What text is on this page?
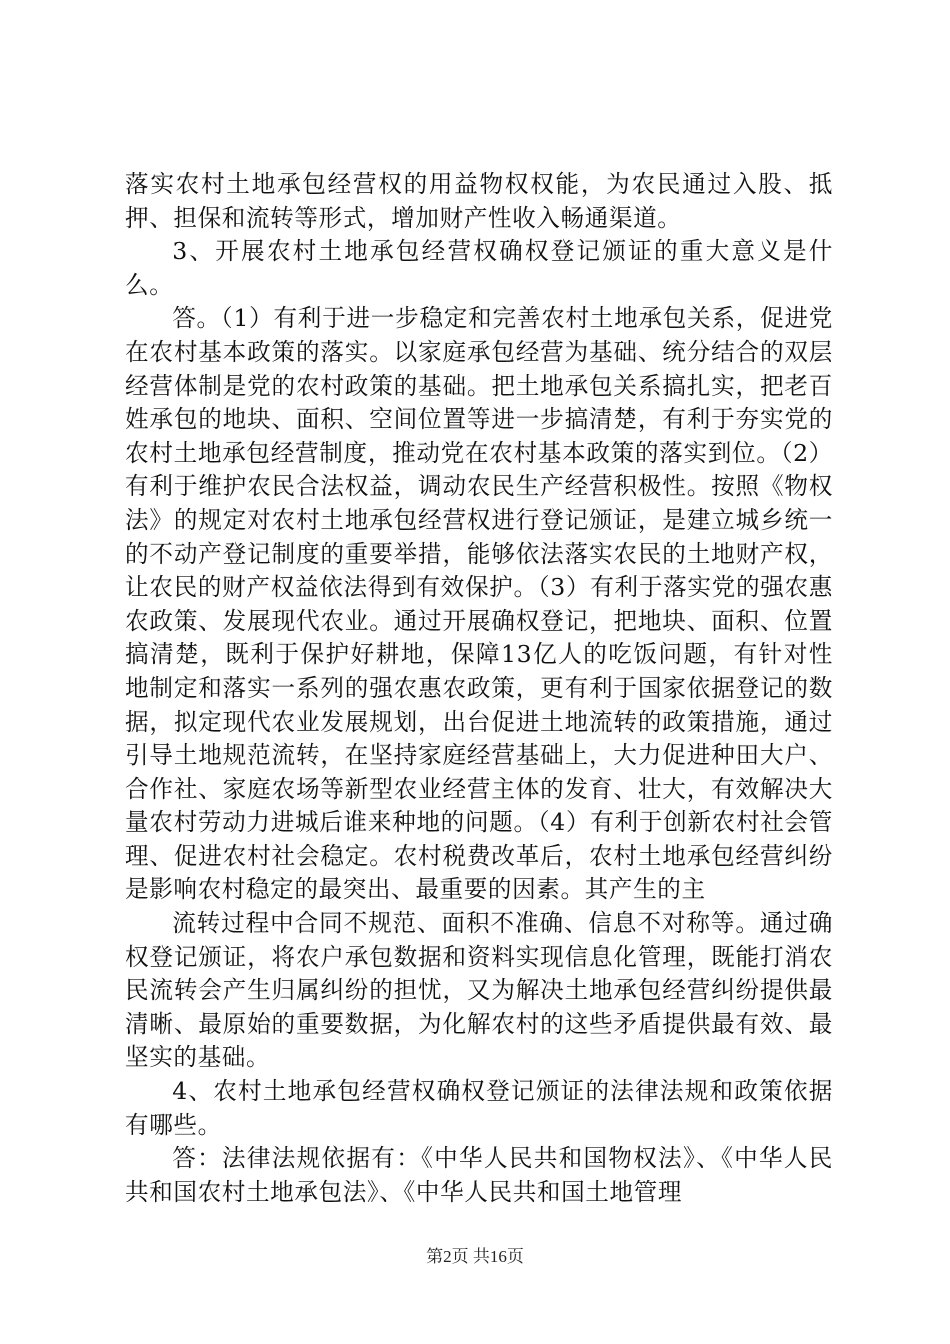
落实农村土地承包经营权的用益物权权能，为农民通过入股、抵押、担保和流转等形式，增加财产性收入畅通渠道。

3、开展农村土地承包经营权确权登记颁证的重大意义是什么。

答。（1）有利于进一步稳定和完善农村土地承包关系，促进党在农村基本政策的落实。以家庭承包经营为基础、统分结合的双层经营体制是党的农村政策的基础。把土地承包关系搞扎实，把老百姓承包的地块、面积、空间位置等进一步搞清楚，有利于夯实党的农村土地承包经营制度，推动党在农村基本政策的落实到位。（2）有利于维护农民合法权益，调动农民生产经营积极性。按照《物权法》的规定对农村土地承包经营权进行登记颁证，是建立城乡统一的不动产登记制度的重要举措，能够依法落实农民的土地财产权，让农民的财产权益依法得到有效保护。（3）有利于落实党的强农惠农政策、发展现代农业。通过开展确权登记，把地块、面积、位置搞清楚，既利于保护好耕地，保障13亿人的吃饭问题，有针对性地制定和落实一系列的强农惠农政策，更有利于国家依据登记的数据，拟定现代农业发展规划，出台促进土地流转的政策措施，通过引导土地规范流转，在坚持家庭经营基础上，大力促进种田大户、合作社、家庭农场等新型农业经营主体的发育、壮大，有效解决大量农村劳动力进城后谁来种地的问题。（4）有利于创新农村社会管理、促进农村社会稳定。农村税费改革后，农村土地承包经营纠纷是影响农村稳定的最突出、最重要的因素。其产生的主

流转过程中合同不规范、面积不准确、信息不对称等。通过确权登记颁证，将农户承包数据和资料实现信息化管理，既能打消农民流转会产生归属纠纷的担忧，又为解决土地承包经营纠纷提供最清晰、最原始的重要数据，为化解农村的这些矛盾提供最有效、最坚实的基础。

4、农村土地承包经营权确权登记颁证的法律法规和政策依据有哪些。

答：法律法规依据有：《中华人民共和国物权法》、《中华人民共和国农村土地承包法》、《中华人民共和国土地管理

第2页 共16页
